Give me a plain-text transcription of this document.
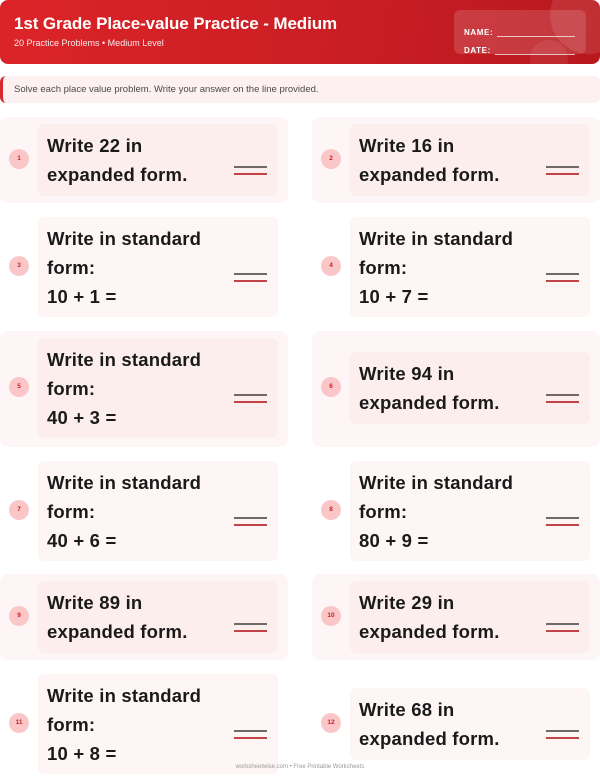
1st Grade Place-value Practice - Medium
20 Practice Problems • Medium Level
NAME:
DATE:
Solve each place value problem. Write your answer on the line provided.
1
Write 22 in
expanded form.
2
Write 16 in
expanded form.
3
Write in standard
form:
10 + 1 =
4
Write in standard
form:
10 + 7 =
5
Write in standard
form:
40 + 3 =
6
Write 94 in
expanded form.
7
Write in standard
form:
40 + 6 =
8
Write in standard
form:
80 + 9 =
9
Write 89 in
expanded form.
10
Write 29 in
expanded form.
11
Write in standard
form:
10 + 8 =
12
Write 68 in
expanded form.
worksheetwise.com • Free Printable Worksheets
